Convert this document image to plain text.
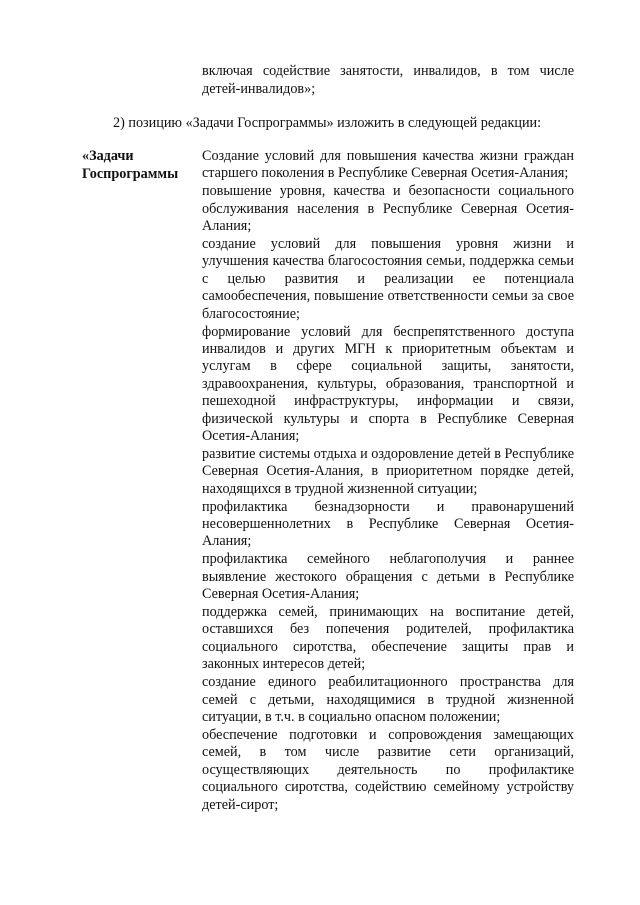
включая содействие занятости, инвалидов, в том числе детей-инвалидов»;

2) позицию «Задачи Госпрограммы» изложить в следующей редакции:
«Задачи Госпрограммы

Создание условий для повышения качества жизни граждан старшего поколения в Республике Северная Осетия-Алания;

повышение уровня, качества и безопасности социального обслуживания населения в Республике Северная Осетия-Алания;

создание условий для повышения уровня жизни и улучшения качества благосостояния семьи, поддержка семьи с целью развития и реализации ее потенциала самообеспечения, повышение ответственности семьи за свое благосостояние;

формирование условий для беспрепятственного доступа инвалидов и других МГН к приоритетным объектам и услугам в сфере социальной защиты, занятости, здравоохранения, культуры, образования, транспортной и пешеходной инфраструктуры, информации и связи, физической культуры и спорта в Республике Северная Осетия-Алания;

развитие системы отдыха и оздоровление детей в Республике Северная Осетия-Алания, в приоритетном порядке детей, находящихся в трудной жизненной ситуации;

профилактика безнадзорности и правонарушений несовершеннолетних в Республике Северная Осетия-Алания;

профилактика семейного неблагополучия и раннее выявление жестокого обращения с детьми в Республике Северная Осетия-Алания;

поддержка семей, принимающих на воспитание детей, оставшихся без попечения родителей, профилактика социального сиротства, обеспечение защиты прав и законных интересов детей;

создание единого реабилитационного пространства для семей с детьми, находящимися в трудной жизненной ситуации, в т.ч. в социально опасном положении;

обеспечение подготовки и сопровождения замещающих семей, в том числе развитие сети организаций, осуществляющих деятельность по профилактике социального сиротства, содействию семейному устройству детей-сирот;
